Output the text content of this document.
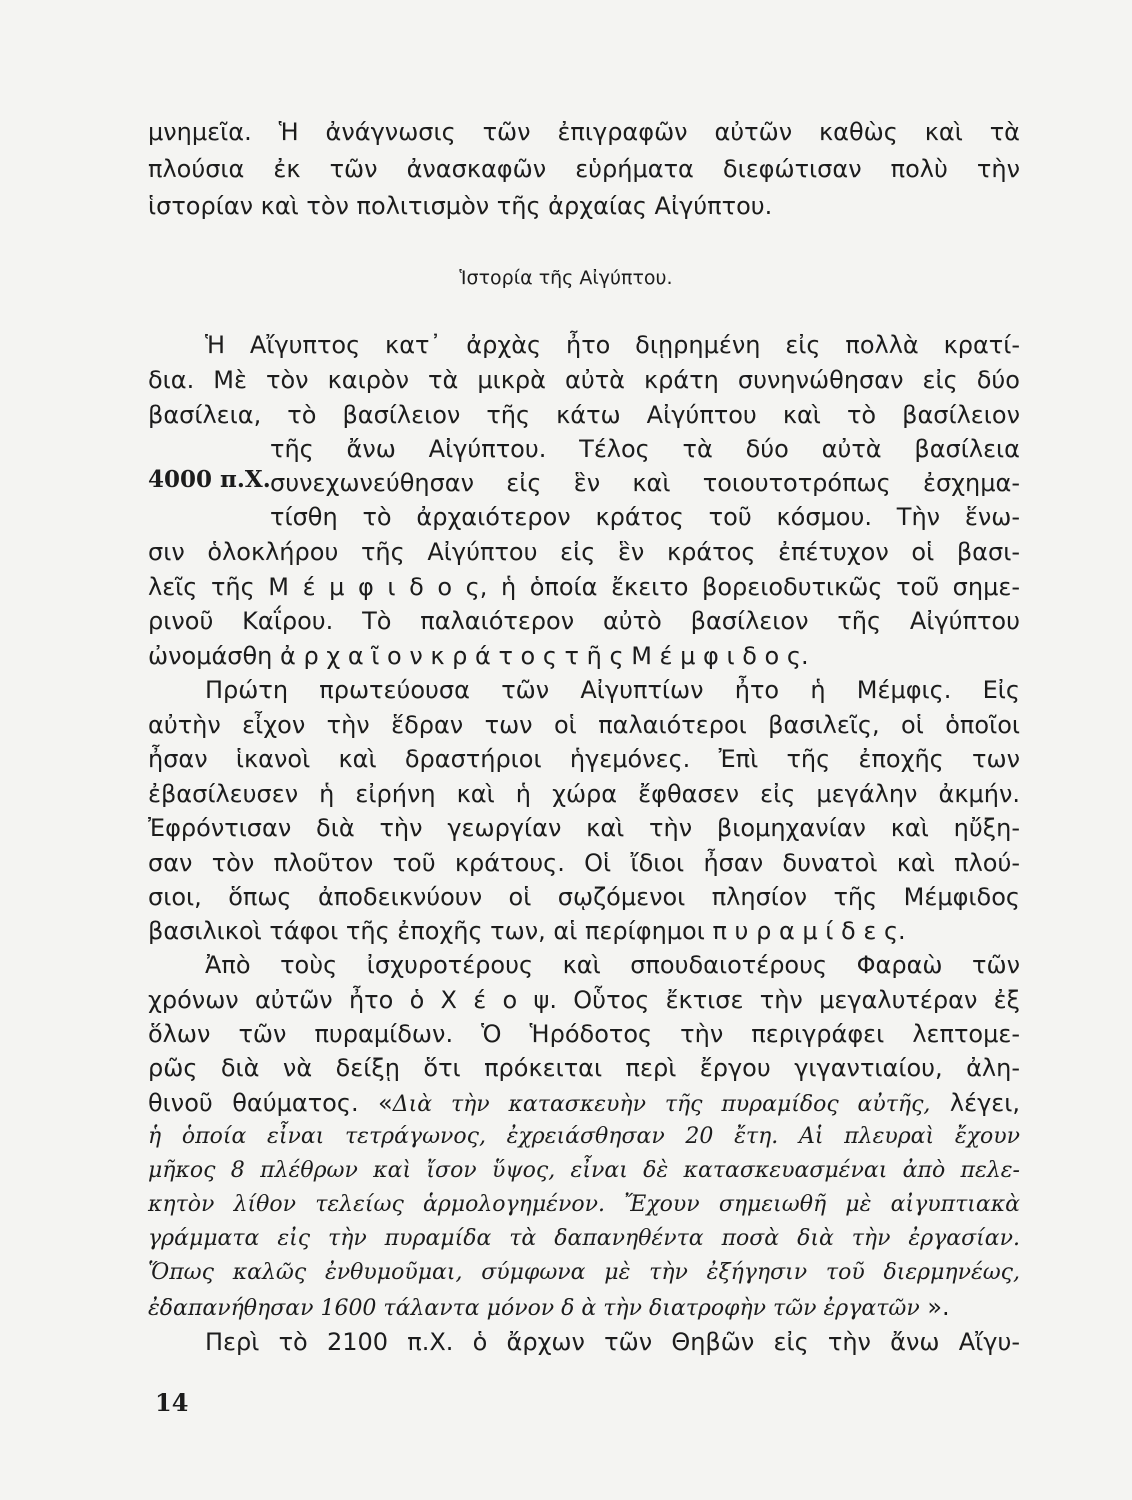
μνημεῖα. Ἡ ἀνάγνωσις τῶν ἐπιγραφῶν αὐτῶν καθὼς καὶ τὰ
πλούσια ἐκ τῶν ἀνασκαφῶν εὑρήματα διεφώτισαν πολὺ τὴν
ἱστορίαν καὶ τὸν πολιτισμὸν τῆς ἀρχαίας Αἰγύπτου.
Ἱστορία τῆς Αἰγύπτου.
Ἡ Αἴγυπτος κατ᾽ ἀρχὰς ἦτο διῃρημένη εἰς πολλὰ κρατί-
δια. Μὲ τὸν καιρὸν τὰ μικρὰ αὐτὰ κράτη συνηνώθησαν εἰς δύο
βασίλεια, τὸ βασίλειον τῆς κάτω Αἰγύπτου καὶ τὸ βασίλειον
τῆς ἄνω Αἰγύπτου. Τέλος τὰ δύο αὐτὰ βασίλεια
4000 π.Χ. συνεχωνεύθησαν εἰς ἓν καὶ τοιουτοτρόπως ἐσχημα-
τίσθη τὸ ἀρχαιότερον κράτος τοῦ κόσμου. Τὴν ἕνω-
σιν ὁλοκλήρου τῆς Αἰγύπτου εἰς ἓν κράτος ἐπέτυχον οἱ βασι-
λεῖς τῆς Μ έ μ φ ι δ ο ς, ἡ ὁποία ἔκειτο βορειοδυτικῶς τοῦ σημε-
ρινοῦ Καΐρου. Τὸ παλαιότερον αὐτὸ βασίλειον τῆς Αἰγύπτου
ὠνομάσθη ἀ ρ χ α ῖ ο ν κ ρ ά τ ο ς τ ῆ ς Μ έ μ φ ι δ ο ς.
Πρώτη πρωτεύουσα τῶν Αἰγυπτίων ἦτο ἡ Μέμφις. Εἰς
αὐτὴν εἶχον τὴν ἕδραν των οἱ παλαιότεροι βασιλεῖς, οἱ ὁποῖοι
ἦσαν ἱκανοὶ καὶ δραστήριοι ἡγεμόνες. Ἐπὶ τῆς ἐποχῆς των
ἐβασίλευσεν ἡ εἰρήνη καὶ ἡ χώρα ἔφθασεν εἰς μεγάλην ἀκμήν.
Ἐφρόντισαν διὰ τὴν γεωργίαν καὶ τὴν βιομηχανίαν καὶ ηὔξη-
σαν τὸν πλοῦτον τοῦ κράτους. Οἱ ἴδιοι ἦσαν δυνατοὶ καὶ πλού-
σιοι, ὅπως ἀποδεικνύουν οἱ σῳζόμενοι πλησίον τῆς Μέμφιδος
βασιλικοὶ τάφοι τῆς ἐποχῆς των, αἱ περίφημοι π υ ρ α μ ί δ ε ς.
Ἀπὸ τοὺς ἰσχυροτέρους καὶ σπουδαιοτέρους Φαραὼ τῶν
χρόνων αὐτῶν ἦτο ὁ Χ έ ο ψ. Οὗτος ἔκτισε τὴν μεγαλυτέραν ἐξ
ὅλων τῶν πυραμίδων. Ὁ Ἡρόδοτος τὴν περιγράφει λεπτομε-
ρῶς διὰ νὰ δείξῃ ὅτι πρόκειται περὶ ἔργου γιγαντιαίου, ἀλη-
θινοῦ θαύματος. «Διὰ τὴν κατασκευὴν τῆς πυραμίδος αὐτῆς, λέγει,
ἡ ὁποία εἶναι τετράγωνος, ἐχρειάσθησαν 20 ἔτη. Αἱ πλευραὶ ἔχουν
μῆκος 8 πλέθρων καὶ ἴσον ὕψος, εἶναι δὲ κατασκευασμέναι ἀπὸ πελε-
κητὸν λίθον τελείως ἁρμολογημένον. Ἔχουν σημειωθῆ μὲ αἰγυπτιακὰ
γράμματα εἰς τὴν πυραμίδα τὰ δαπανηθέντα ποσὰ διὰ τὴν ἐργασίαν.
Ὅπως καλῶς ἐνθυμοῦμαι, σύμφωνα μὲ τὴν ἐξήγησιν τοῦ διερμηνέως,
ἐδαπανήθησαν 1600 τάλαντα μόνον δ ὰ τὴν διατροφὴν τῶν ἐργατῶν ».
Περὶ τὸ 2100 π.Χ. ὁ ἄρχων τῶν Θηβῶν εἰς τὴν ἄνω Αἴγυ-
14
